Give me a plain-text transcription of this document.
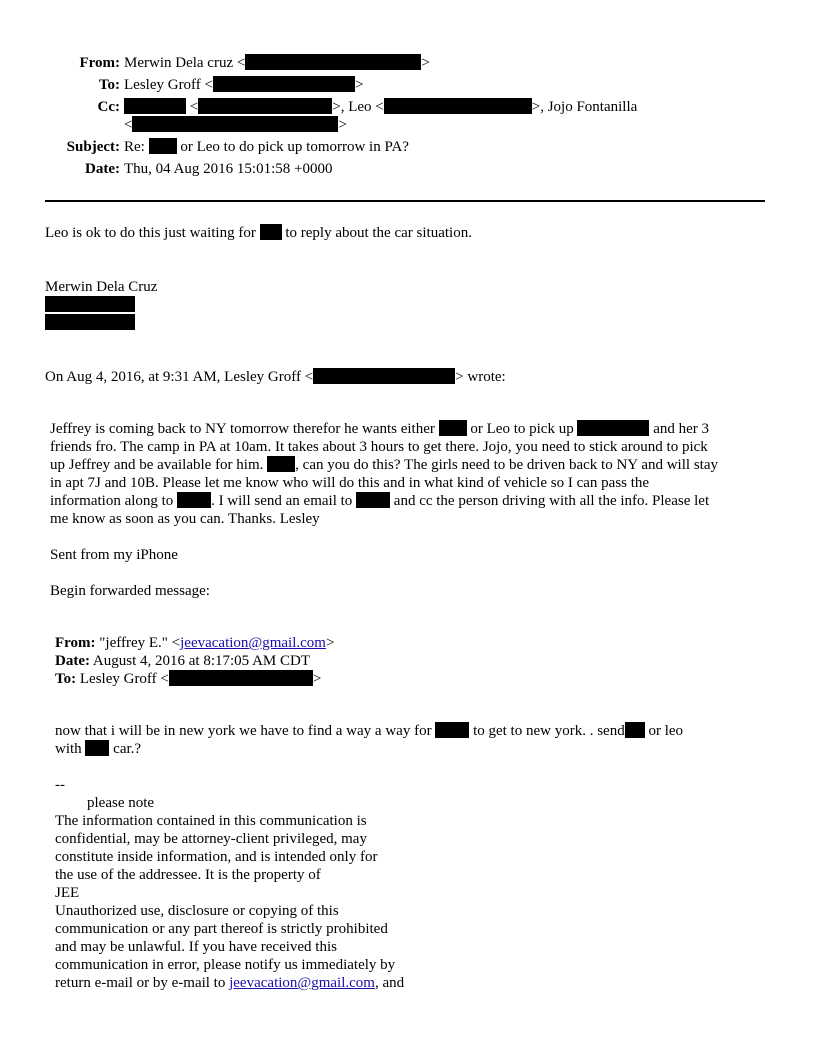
From: Merwin Dela cruz <	>
To: Lesley Groff <	>
Cc:	<	>, Leo <	>, Jojo Fontanilla
<	>
Subject: Re: or Leo to do pick up tomorrow in PA?
Date: Thu, 04 Aug 2016 15:01:58 +0000
Leo is ok to do this just waiting for to reply about the car situation.
Merwin Dela Cruz
On Aug 4, 2016, at 9:31 AM, Lesley Groff <	> wrote:
Jeffrey is coming back to NY tomorrow therefor he wants either or Leo to pick up	and her 3
friends fro. The camp in PA at 10am. It takes about 3 hours to get there. Jojo, you need to stick around to pick
up Jeffrey and be available for him. , can you do this? The girls need to be driven back to NY and will stay
in apt 7J and 10B. Please let me know who will do this and in what kind of vehicle so I can pass the
information along to	. I will send an email to	and cc the person driving with all the info. Please let
me know as soon as you can. Thanks. Lesley
Sent from my iPhone
Begin forwarded message:
From: "jeffrey E." <jeevacation@gmail.com>
Date: August 4, 2016 at 8:17:05 AM CDT
To: Lesley Groff <	>
now that i will be in new york we have to find a way a way for	to get to new york. . send or leo
with car.?
--
please note
The information contained in this communication is
confidential, may be attorney-client privileged, may
constitute inside information, and is intended only for
the use of the addressee. It is the property of
JEE
Unauthorized use, disclosure or copying of this
communication or any part thereof is strictly prohibited
and may be unlawful. If you have received this
communication in error, please notify us immediately by
return e-mail or by e-mail to jeevacation@gmail.com, and
